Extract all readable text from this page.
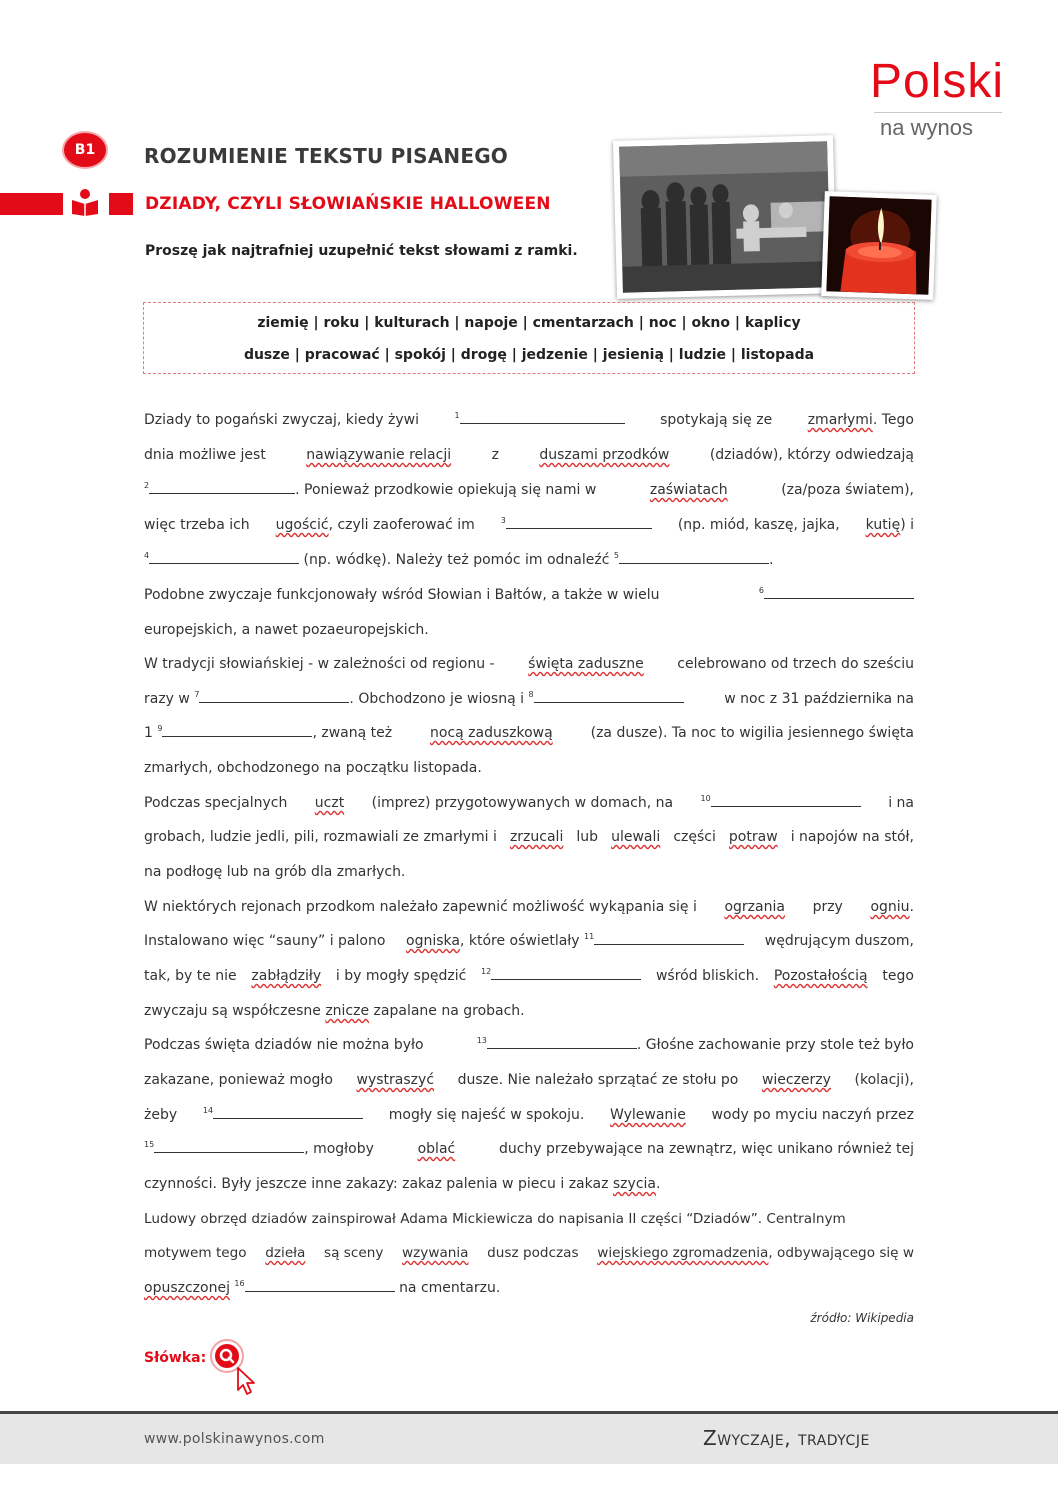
Polski
na wynos
B1	ROZUMIENIE TEKSTU PISANEGO
DZIADY, CZYLI SŁOWIAŃSKIE HALLOWEEN
Proszę jak najtrafniej uzupełnić tekst słowami z ramki.
ziemię | roku | kulturach | napoje | cmentarzach | noc | okno | kaplicy
dusze | pracować | spokój | drogę | jedzenie | jesienią | ludzie | listopada
Dziady to pogański zwyczaj, kiedy żywi	$^1$	spotykają się ze	zmarłymi. Tego
dnia możliwe jest	nawiązywanie relacji	z	duszami przodków	(dziadów), którzy odwiedzają
$^2$	. Ponieważ przodkowie opiekują się nami w	zaświatach	(za/poza światem),
więc trzeba ich ugościć, czyli zaoferować im	$^3$	(np. miód, kaszę, jajka, kutię) i
$^4$	(np. wódkę). Należy też pomóc im odnaleźć $^5$	.
Podobne zwyczaje funkcjonowały wśród Słowian i Bałtów, a także w wielu	$^6$
europejskich, a nawet pozaeuropejskich.
W tradycji słowiańskiej - w zależności od regionu - święta zaduszne celebrowano od trzech do sześciu
razy w $^7$	. Obchodzono je wiosną i $^8$	w noc z 31 października na
1 $^9$	, zwaną też	nocą zaduszkową	(za dusze). Ta noc to wigilia jesiennego święta
zmarłych, obchodzonego na początku listopada.
Podczas specjalnych uczt (imprez) przygotowywanych w domach, na	$^{10}$	i na
grobach, ludzie jedli, pili, rozmawiali ze zmarłymi i zrzucali lub ulewali części potraw i napojów na stół,
na podłogę lub na grób dla zmarłych.
W niektórych rejonach przodkom należało zapewnić możliwość wykąpania się i ogrzania przy ogniu.
Instalowano więc “sauny” i palono ogniska, które oświetlały $^{11}$	wędrującym duszom,
tak, by te nie zabłądziły i by mogły spędzić $^{12}$	wśród bliskich. Pozostałością tego
zwyczaju są współczesne znicze zapalane na grobach.
Podczas święta dziadów nie można było	$^{13}$	. Głośne zachowanie przy stole też było
zakazane, ponieważ mogło wystraszyć dusze. Nie należało sprzątać ze stołu po wieczerzy (kolacji),
żeby	$^{14}$	mogły się najeść w spokoju. Wylewanie wody po myciu naczyń przez
$^{15}$	, mogłoby	oblać	duchy przebywające na zewnątrz, więc unikano również tej
czynności. Były jeszcze inne zakazy: zakaz palenia w piecu i zakaz szycia.
Ludowy obrzęd dziadów zainspirował Adama Mickiewicza do napisania II części “Dziadów”. Centralnym
motywem tego dzieła są sceny wzywania dusz podczas wiejskiego zgromadzenia, odbywającego się w
opuszczonej $^{16}$	na cmentarzu.
źródło: Wikipedia
Słówka:
www.polskinawynos.com	Zwyczaje, tradycje
